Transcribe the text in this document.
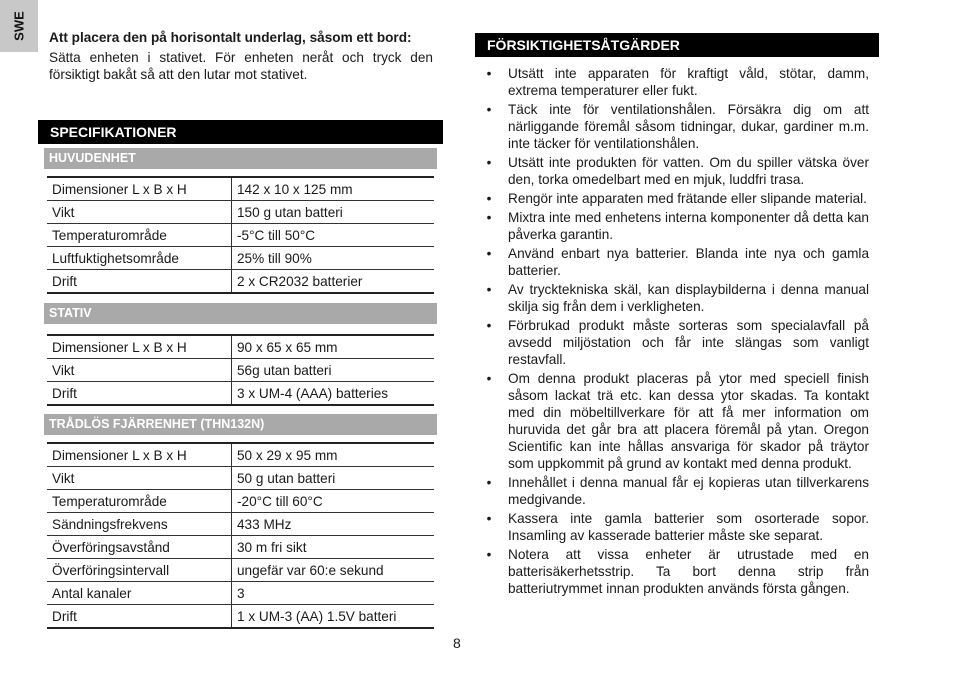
SWE Att placera den på horisontalt underlag, såsom ett bord:

Sätta enheten i stativet. För enheten neråt och tryck den försiktigt bakåt så att den lutar mot stativet.

SPECIFIKATIONER
HUVUDENHET
Dimensioner L x B x H	142 x 10 x 125 mm
Vikt	150 g utan batteri
Temperaturområde	-5°C till 50°C
Luftfuktighetsområde	25% till 90%
Drift	2 x CR2032 batterier
STATIV
Dimensioner L x B x H	90 x 65 x 65 mm
Vikt	56g utan batteri
Drift	3 x UM-4 (AAA) batteries
TRÅDLÖS FJÄRRENHET (THN132N)
Dimensioner L x B x H	50 x 29 x 95 mm
Vikt	50 g utan batteri
Temperaturområde	-20°C till 60°C
Sändningsfrekvens	433 MHz
Överföringsavstånd	30 m fri sikt
Överföringsintervall	ungefär var 60:e sekund
Antal kanaler	3
Drift	1 x UM-3 (AA) 1.5V batteri
8
FÖRSIKTIGHETSÅTGÄRDER
• Utsätt inte apparaten för kraftigt våld, stötar, damm, extrema temperaturer eller fukt.
• Täck inte för ventilationshålen. Försäkra dig om att närliggande föremål såsom tidningar, dukar, gardiner m.m. inte täcker för ventilationshålen.
• Utsätt inte produkten för vatten. Om du spiller vätska över den, torka omedelbart med en mjuk, luddfri trasa.
• Rengör inte apparaten med frätande eller slipande material.
• Mixtra inte med enhetens interna komponenter då detta kan påverka garantin.
• Använd enbart nya batterier. Blanda inte nya och gamla batterier.
• Av trycktekniska skäl, kan displaybilderna i denna manual skilja sig från dem i verkligheten.
• Förbrukad produkt måste sorteras som specialavfall på avsedd miljöstation och får inte slängas som vanligt restavfall.
• Om denna produkt placeras på ytor med speciell finish såsom lackat trä etc. kan dessa ytor skadas. Ta kontakt med din möbeltillverkare för att få mer information om huruvida det går bra att placera föremål på ytan. Oregon Scientific kan inte hållas ansvariga för skador på träytor som uppkommit på grund av kontakt med denna produkt.
• Innehållet i denna manual får ej kopieras utan tillverkarens medgivande.
• Kassera inte gamla batterier som osorterade sopor. Insamling av kasserade batterier måste ske separat.
• Notera att vissa enheter är utrustade med en batterisäkerhetsstrip. Ta bort denna strip från batteriutrymmet innan produkten används första gången.
